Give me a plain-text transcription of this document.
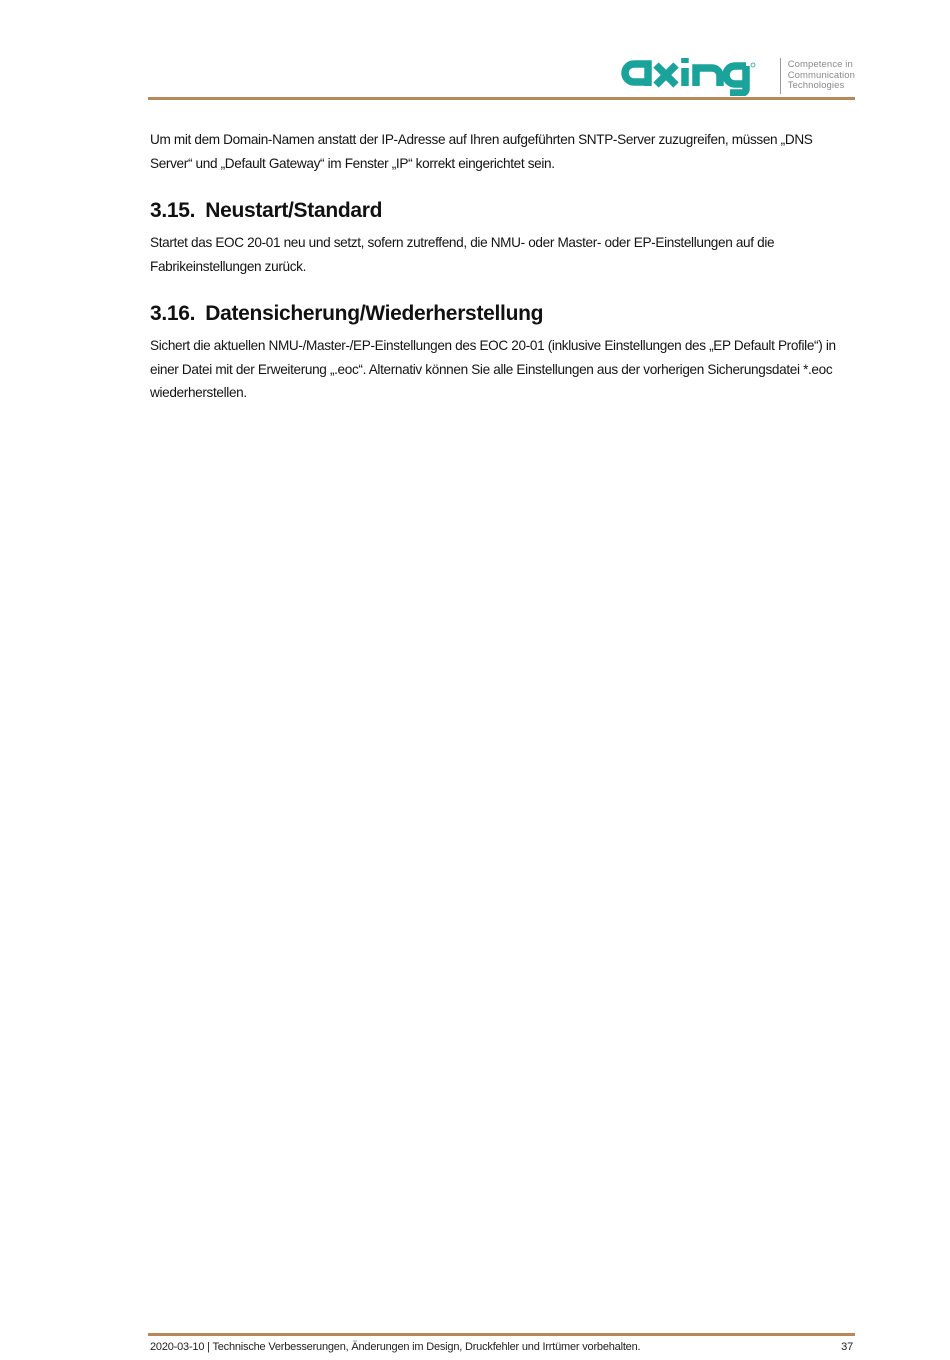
Competence in
Communication
Technologies

Um mit dem Domain-Namen anstatt der IP-Adresse auf Ihren aufgeführten SNTP-Server zuzugreifen, müssen „DNS Server“ und „Default Gateway“ im Fenster „IP“ korrekt eingerichtet sein.

3.15. Neustart/Standard

Startet das EOC 20-01 neu und setzt, sofern zutreffend, die NMU- oder Master- oder EP-Einstellungen auf die Fabrikeinstellungen zurück.

3.16. Datensicherung/Wiederherstellung

Sichert die aktuellen NMU-/Master-/EP-Einstellungen des EOC 20-01 (inklusive Einstellungen des „EP Default Profile“) in einer Datei mit der Erweiterung „.eoc“. Alternativ können Sie alle Einstellungen aus der vorherigen Sicherungsdatei *.eoc wiederherstellen.

2020-03-10 | Technische Verbesserungen, Änderungen im Design, Druckfehler und Irrtümer vorbehalten.	37
